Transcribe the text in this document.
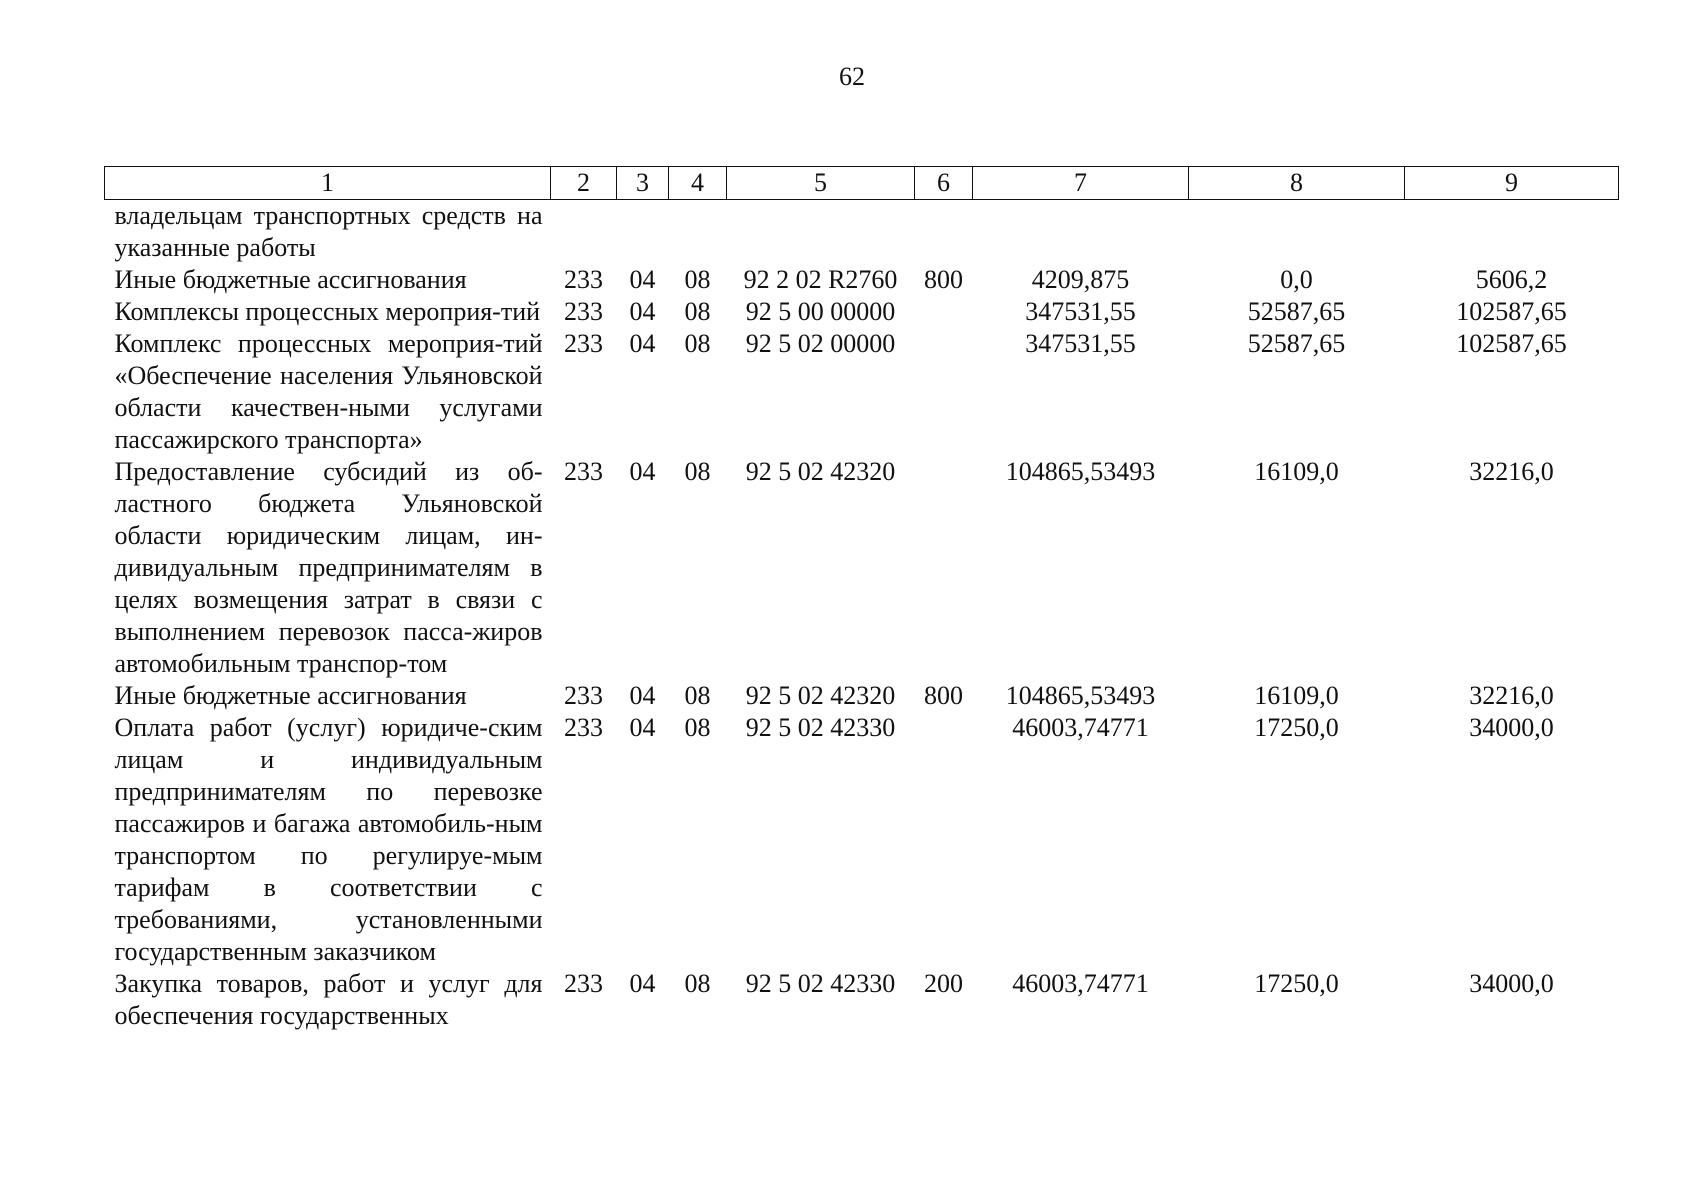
62
1	2	3	4	5	6	7	8	9
владельцам транспортных средств на указанные работы								
Иные бюджетные ассигнования	233	04	08	92 2 02 R2760	800	4209,875	0,0	5606,2
Комплексы процессных мероприя-тий	233	04	08	92 5 00 00000		347531,55	52587,65	102587,65
Комплекс процессных мероприя-тий «Обеспечение населения Ульяновской области качествен-ными услугами пассажирского транспорта»	233	04	08	92 5 02 00000		347531,55	52587,65	102587,65
Предоставление субсидий из об-ластного бюджета Ульяновской области юридическим лицам, ин-дивидуальным предпринимателям в целях возмещения затрат в связи с выполнением перевозок пасса-жиров автомобильным транспор-том	233	04	08	92 5 02 42320		104865,53493	16109,0	32216,0
Иные бюджетные ассигнования	233	04	08	92 5 02 42320	800	104865,53493	16109,0	32216,0
Оплата работ (услуг) юридиче-ским лицам и индивидуальным предпринимателям по перевозке пассажиров и багажа автомобиль-ным транспортом по регулируе-мым тарифам в соответствии с требованиями, установленными государственным заказчиком	233	04	08	92 5 02 42330		46003,74771	17250,0	34000,0
Закупка товаров, работ и услуг для обеспечения государственных	233	04	08	92 5 02 42330	200	46003,74771	17250,0	34000,0
